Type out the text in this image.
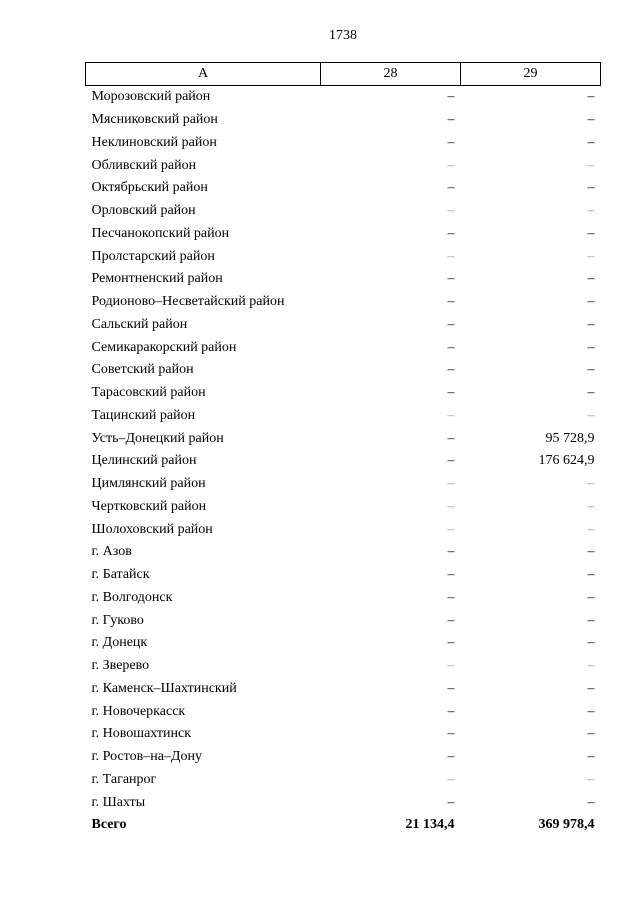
1738
А	28	29
Морозовский район	–	–
Мясниковский район	–	–
Неклиновский район	–	–
Обливский район	–	–
Октябрьский район	–	–
Орловский район	–	–
Песчанокопский район	–	–
Пролстарский район	–	–
Ремонтненский район	–	–
Родионово–Несветайский район	–	–
Сальский район	–	–
Семикаракорский район	–	–
Советский район	–	–
Тарасовский район	–	–
Тацинский район	–	–
Усть–Донецкий район	–	95 728,9
Целинский район	–	176 624,9
Цимлянский район	–	–
Чертковский район	–	–
Шолоховский район	–	–
г. Азов	–	–
г. Батайск	–	–
г. Волгодонск	–	–
г. Гуково	–	–
г. Донецк	–	–
г. Зверево	–	–
г. Каменск–Шахтинский	–	–
г. Новочеркасск	–	–
г. Новошахтинск	–	–
г. Ростов–на–Дону	–	–
г. Таганрог	–	–
г. Шахты	–	–
Всего	21 134,4	369 978,4
